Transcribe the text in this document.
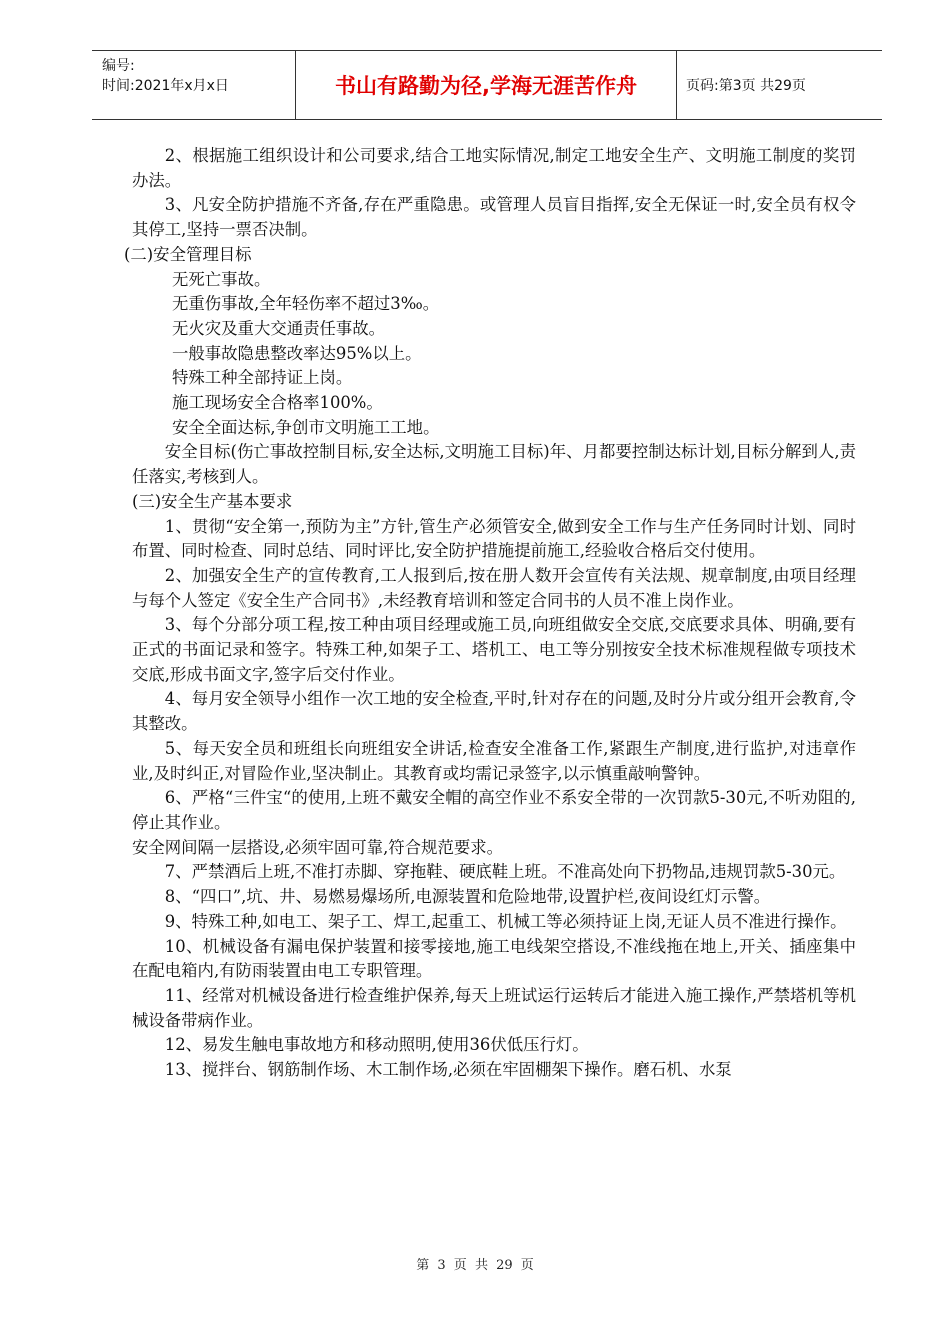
编号:
时间:2021年x月x日	书山有路勤为径,学海无涯苦作舟	页码:第3页 共29页

2、根据施工组织设计和公司要求,结合工地实际情况,制定工地安全生产、文明施工制度的奖罚办法。

3、凡安全防护措施不齐备,存在严重隐患。或管理人员盲目指挥,安全无保证一时,安全员有权令其停工,坚持一票否决制。

(二)安全管理目标

无死亡事故。

无重伤事故,全年轻伤率不超过3‰。

无火灾及重大交通责任事故。

一般事故隐患整改率达95%以上。

特殊工种全部持证上岗。

施工现场安全合格率100%。

安全全面达标,争创市文明施工工地。

安全目标(伤亡事故控制目标,安全达标,文明施工目标)年、月都要控制达标计划,目标分解到人,责任落实,考核到人。

(三)安全生产基本要求

1、贯彻“安全第一,预防为主”方针,管生产必须管安全,做到安全工作与生产任务同时计划、同时布置、同时检查、同时总结、同时评比,安全防护措施提前施工,经验收合格后交付使用。

2、加强安全生产的宣传教育,工人报到后,按在册人数开会宣传有关法规、规章制度,由项目经理与每个人签定《安全生产合同书》,未经教育培训和签定合同书的人员不准上岗作业。

3、每个分部分项工程,按工种由项目经理或施工员,向班组做安全交底,交底要求具体、明确,要有正式的书面记录和签字。特殊工种,如架子工、塔机工、电工等分别按安全技术标准规程做专项技术交底,形成书面文字,签字后交付作业。

4、每月安全领导小组作一次工地的安全检查,平时,针对存在的问题,及时分片或分组开会教育,令其整改。

5、每天安全员和班组长向班组安全讲话,检查安全准备工作,紧跟生产制度,进行监护,对违章作业,及时纠正,对冒险作业,坚决制止。其教育或均需记录签字,以示慎重敲响警钟。

6、严格“三件宝“的使用,上班不戴安全帽的高空作业不系安全带的一次罚款5-30元,不听劝阻的,停止其作业。

安全网间隔一层搭设,必须牢固可靠,符合规范要求。

7、严禁酒后上班,不准打赤脚、穿拖鞋、硬底鞋上班。不准高处向下扔物品,违规罚款5-30元。

8、“四口”,坑、井、易燃易爆场所,电源装置和危险地带,设置护栏,夜间设红灯示警。

9、特殊工种,如电工、架子工、焊工,起重工、机械工等必须持证上岗,无证人员不准进行操作。

10、机械设备有漏电保护装置和接零接地,施工电线架空搭设,不准线拖在地上,开关、插座集中在配电箱内,有防雨装置由电工专职管理。

11、经常对机械设备进行检查维护保养,每天上班试运行运转后才能进入施工操作,严禁塔机等机械设备带病作业。

12、易发生触电事故地方和移动照明,使用36伏低压行灯。

13、搅拌台、钢筋制作场、木工制作场,必须在牢固棚架下操作。磨石机、水泵

第 3 页 共 29 页
